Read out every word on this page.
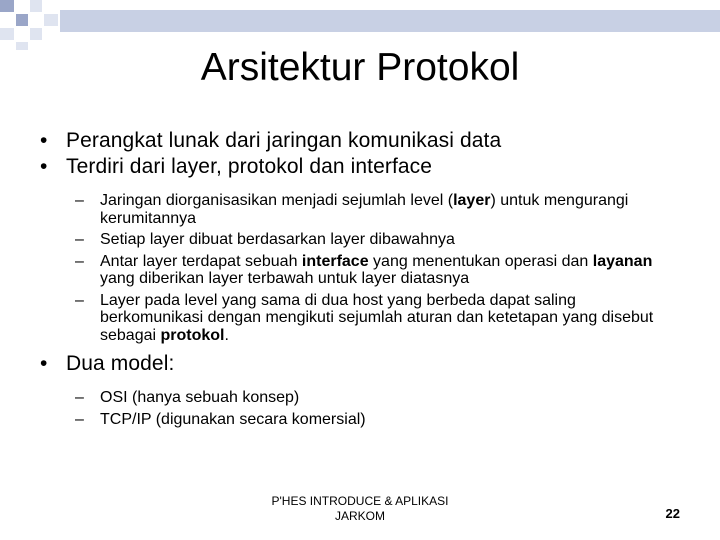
Arsitektur Protokol
• Perangkat lunak dari jaringan komunikasi data
• Terdiri dari layer, protokol dan interface
– Jaringan diorganisasikan menjadi sejumlah level (layer) untuk mengurangi kerumitannya
– Setiap layer dibuat berdasarkan layer dibawahnya
– Antar layer terdapat sebuah interface yang menentukan operasi dan layanan yang diberikan layer terbawah untuk layer diatasnya
– Layer pada level yang sama di dua host yang berbeda dapat saling berkomunikasi dengan mengikuti sejumlah aturan dan ketetapan yang disebut sebagai protokol.
• Dua model:
– OSI (hanya sebuah konsep)
– TCP/IP (digunakan secara komersial)
P'HES INTRODUCE & APLIKASI
JARKOM	22
